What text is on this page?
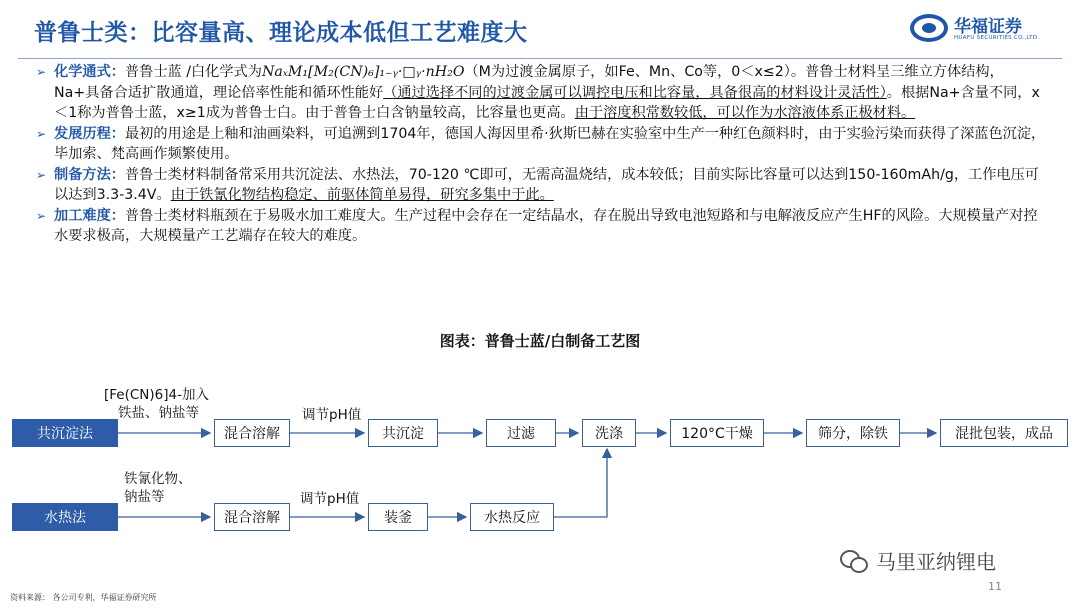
普鲁士类：比容量高、理论成本低但工艺难度大	华福证券
HUAFU SECURITIES CO.,LTD.
➢ 化学通式：普鲁士蓝 /白化学式为NaₓM₁[M₂(CN)₆]₁₋ᵧ·□ᵧ·nH₂O（M为过渡金属原子，如Fe、Mn、Co等，0＜x≤2）。普鲁士材料呈三维立方体结构，Na+具备合适扩散通道，理论倍率性能和循环性能好（通过选择不同的过渡金属可以调控电压和比容量，具备很高的材料设计灵活性）。根据Na+含量不同，x＜1称为普鲁士蓝，x≥1成为普鲁士白。由于普鲁士白含钠量较高，比容量也更高。由于溶度积常数较低，可以作为水溶液体系正极材料。
➢ 发展历程：最初的用途是上釉和油画染料，可追溯到1704年，德国人海因里希·狄斯巴赫在实验室中生产一种红色颜料时，由于实验污染而获得了深蓝色沉淀，毕加索、梵高画作频繁使用。
➢ 制备方法：普鲁士类材料制备常采用共沉淀法、水热法，70-120 ℃即可，无需高温烧结，成本较低；目前实际比容量可以达到150-160mAh/g，工作电压可以达到3.3-3.4V。由于铁氰化物结构稳定、前驱体简单易得，研究多集中于此。
➢ 加工难度：普鲁士类材料瓶颈在于易吸水加工难度大。生产过程中会存在一定结晶水，存在脱出导致电池短路和与电解液反应产生HF的风险。大规模量产对控水要求极高，大规模量产工艺端存在较大的难度。
图表：普鲁士蓝/白制备工艺图
共沉淀法
[Fe(CN)6]4-加入
铁盐、钠盐等
混合溶解
调节pH值
共沉淀	过滤	洗涤	120°C干燥	筛分，除铁	混批包装，成品
水热法
铁氰化物、
钠盐等
混合溶解
调节pH值
装釜	水热反应
马里亚纳锂电
11
资料来源： 各公司专利，华福证券研究所
